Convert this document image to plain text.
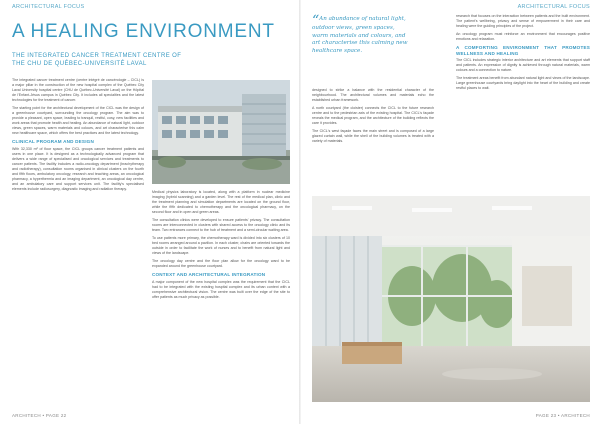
ARCHITECTURAL FOCUS
A HEALING ENVIRONMENT
THE INTEGRATED CANCER TREATMENT CENTRE OF THE CHU DE QUÉBEC-UNIVERSITÉ LAVAL

The integrated cancer treatment centre (centre intégré de cancérologie – CICL) is a major pillar in the construction of the new hospital complex of the Québec City Laval University hospital centre (CHU de Québec-Université Laval) on the Hôpital de l'Enfant-Jésus campus in Québec City. It includes all specialties and the latest technologies for the treatment of cancer.

The starting point for the architectural development of the CICL was the design of a greenhouse courtyard, surrounding the oncology program. The aim was to provide a pleasant, open space, leading to tranquil, restful, cosy, new facilities and work areas that promote health and healing. An abundance of natural light, outdoor views, green spaces, warm materials and colours, and art characterise this calm new healthcare space, which offers the best practices and the latest technology.

CLINICAL PROGRAM AND DESIGN

With 32,330 m² of floor space, the CICL groups cancer treatment patients and users in one place. It is designed as a technologically advanced program that delivers a wide range of specialised and oncological services and treatments to cancer patients. The facility includes a radio-oncology department (brachytherapy and radiotherapy), consultation rooms organised in clinical clusters on the fourth and fifth floors, ambulatory oncology, research and teaching areas, an oncological pharmacy, a hyperthermia and an imaging department, an oncological day centre, and an ambulatory care and support services unit. The facility's specialised elements include radiosurgery, diagnostic imaging and radiation therapy.

Medical physics laboratory is located, along with a platform in nuclear medicine imaging (hybrid scanning) and a garden level. The rest of the medical plan, clinic and the treatment planning and simulation departments are located on the ground floor, while the fifth dedicated to chemotherapy and the oncological pharmacy, on the second floor and in open and green areas.

The consultation clinics were developed to ensure patients' privacy. The consultation rooms are interconnected in clusters with shared access to the oncology clinic and its team. Two entrances connect to the hub of treatment and a semi-circular waiting area.

To use patients more primary, the chemotherapy ward is divided into six clusters of 10 bed rooms arranged around a pavilion. In each cluster, chairs are oriented towards the outside in order to facilitate the work of nurses and to benefit from natural light and views of the landscape.

The oncology day centre and the floor plan allow for the oncology ward to be expanded around the greenhouse courtyard.

CONTEXT AND ARCHITECTURAL INTEGRATION

A major component of the new hospital complex was the requirement that the CICL had to be integrated with the existing hospital complex and its urban context with a comprehensive architectural vision. The centre was built over the edge of the site to offer patients as much privacy as possible.

ARCHITECH • PAGE 22
ARCHITECTURAL FOCUS
“An abundance of natural light, outdoor views, green spaces, warm materials and colours, and art characterise this calming new healthcare space.

designed to strike a balance with the residential character of the neighbourhood. The architectural volumes and materials echo the established urban framework.

A north courtyard (the cloister) connects the CICL to the future research centre and to the pedestrian axis of the existing hospital. The CICL's façade reveals the medical program, and the architecture of the building reflects the care it provides.

The CICL's west façade faces the main street and is composed of a large glazed curtain wall, while the shell of the building volumes is treated with a variety of materials.

research that focuses on the interaction between patients and the built environment. The patient's wellbeing, privacy and sense of empowerment in their care and healing were the guiding principles of the project.

An oncology program must reinforce an environment that encourages positive emotions and relaxation.

A COMFORTING ENVIRONMENT THAT PROMOTES WELLNESS AND HEALING

The CICL includes strategic interior architecture and art elements that support staff and patients. An expression of dignity is achieved through natural materials, warm colours and a connection to nature.

The treatment areas benefit from abundant natural light and views of the landscape. Large greenhouse courtyards bring daylight into the heart of the building and create restful places to wait.

PAGE 23 • ARCHITECH
